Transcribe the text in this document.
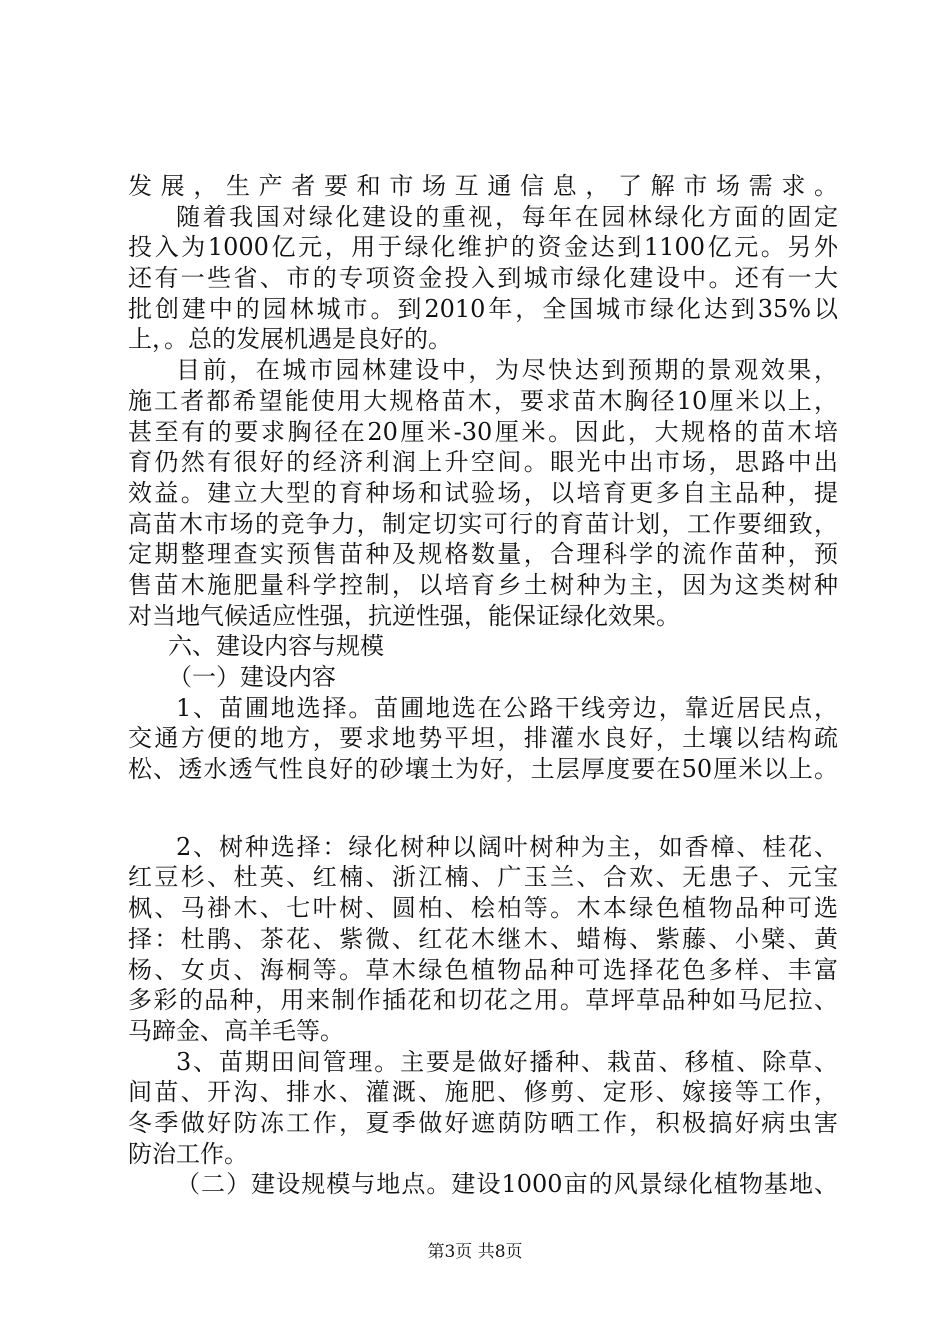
发展，生产者要和市场互通信息，了解市场需求。
随着我国对绿化建设的重视，每年在园林绿化方面的固定
投入为1000亿元，用于绿化维护的资金达到1100亿元。另外
还有一些省、市的专项资金投入到城市绿化建设中。还有一大
批创建中的园林城市。到2010年，全国城市绿化达到35%以
上，。总的发展机遇是良好的。
目前，在城市园林建设中，为尽快达到预期的景观效果，
施工者都希望能使用大规格苗木，要求苗木胸径10厘米以上，
甚至有的要求胸径在20厘米-30厘米。因此，大规格的苗木培
育仍然有很好的经济利润上升空间。眼光中出市场，思路中出
效益。建立大型的育种场和试验场，以培育更多自主品种，提
高苗木市场的竞争力，制定切实可行的育苗计划，工作要细致，
定期整理查实预售苗种及规格数量，合理科学的流作苗种，预
售苗木施肥量科学控制，以培育乡土树种为主，因为这类树种
对当地气候适应性强，抗逆性强，能保证绿化效果。
六、建设内容与规模
（一）建设内容
1、苗圃地选择。苗圃地选在公路干线旁边，靠近居民点，
交通方便的地方，要求地势平坦，排灌水良好，土壤以结构疏
松、透水透气性良好的砂壤土为好，土层厚度要在50厘米以上。
2、树种选择：绿化树种以阔叶树种为主，如香樟、桂花、
红豆杉、杜英、红楠、浙江楠、广玉兰、合欢、无患子、元宝
枫、马褂木、七叶树、圆柏、桧柏等。木本绿色植物品种可选
择：杜鹃、茶花、紫微、红花木继木、蜡梅、紫藤、小檗、黄
杨、女贞、海桐等。草木绿色植物品种可选择花色多样、丰富
多彩的品种，用来制作插花和切花之用。草坪草品种如马尼拉、
马蹄金、高羊毛等。
3、苗期田间管理。主要是做好播种、栽苗、移植、除草、
间苗、开沟、排水、灌溉、施肥、修剪、定形、嫁接等工作，
冬季做好防冻工作，夏季做好遮荫防晒工作，积极搞好病虫害
防治工作。
（二）建设规模与地点。建设1000亩的风景绿化植物基地、
第3页 共8页
